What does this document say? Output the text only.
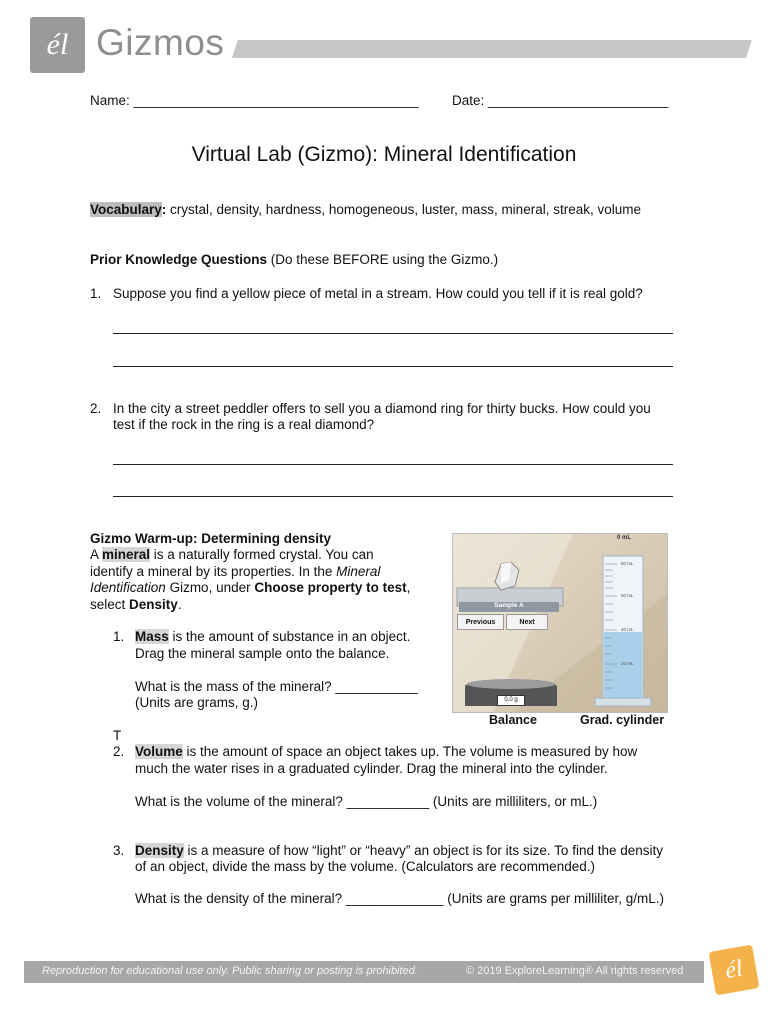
él Gizmos
Name: ______________________________________ Date: ________________________
Virtual Lab (Gizmo): Mineral Identification
Vocabulary: crystal, density, hardness, homogeneous, luster, mass, mineral, streak, volume
Prior Knowledge Questions (Do these BEFORE using the Gizmo.)
1. Suppose you find a yellow piece of metal in a stream. How could you tell if it is real gold?
2. In the city a street peddler offers to sell you a diamond ring for thirty bucks. How could you
test if the rock in the ring is a real diamond?
Gizmo Warm-up: Determining density
A mineral is a naturally formed crystal. You can
identify a mineral by its properties. In the Mineral
Identification Gizmo, under Choose property to test,
select Density.
1. Mass is the amount of substance in an object.
Drag the mineral sample onto the balance.
What is the mass of the mineral? ___________
(Units are grams, g.)
T
2. Volume is the amount of space an object takes up. The volume is measured by how
much the water rises in a graduated cylinder. Drag the mineral into the cylinder.
What is the volume of the mineral? ___________ (Units are milliliters, or mL.)
3. Density is a measure of how “light” or “heavy” an object is for its size. To find the density
of an object, divide the mass by the volume. (Calculators are recommended.)
What is the density of the mineral? _____________ (Units are grams per milliliter, g/mL.)
Sample A
Previous	Next
0.0 g
0 mL
80 mL
60 mL
40 mL
20 mL
Balance	Grad. cylinder
Reproduction for educational use only. Public sharing or posting is prohibited.	© 2019 ExploreLearning® All rights reserved él
